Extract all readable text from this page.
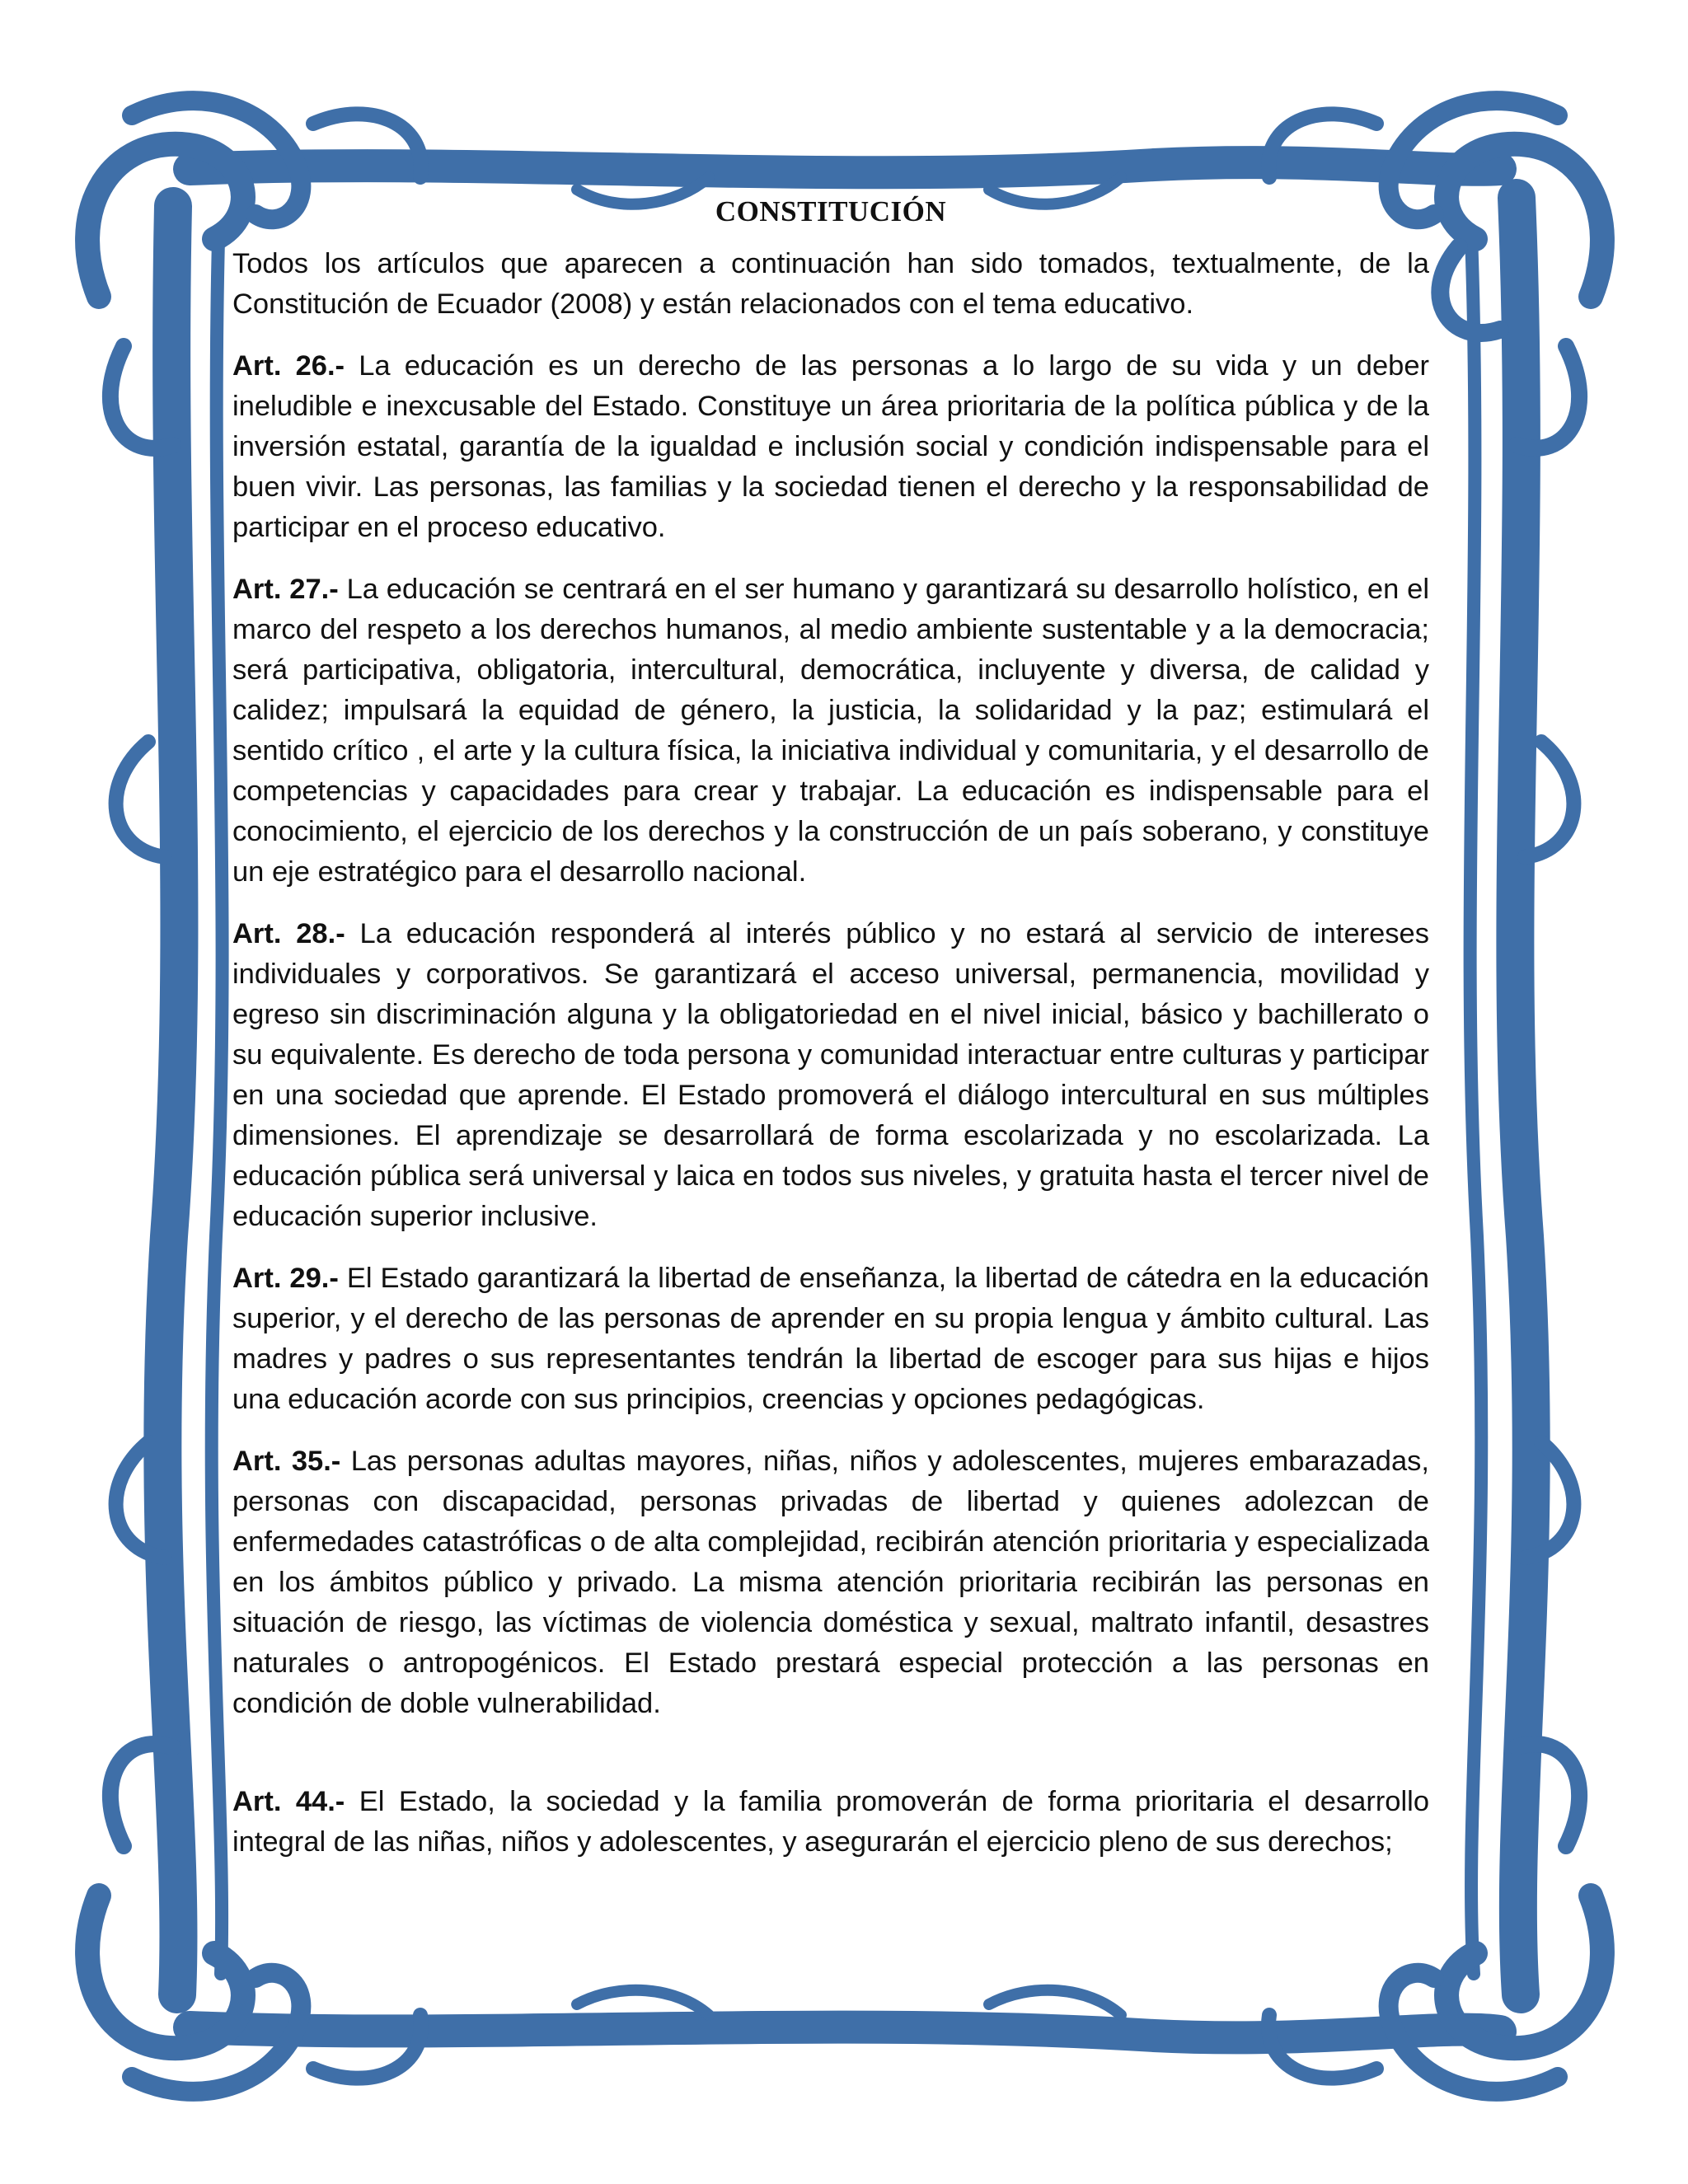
CONSTITUCIÓN

Todos los artículos que aparecen a continuación han sido tomados, textualmente, de la Constitución de Ecuador (2008) y están relacionados con el tema educativo.

Art. 26.- La educación es un derecho de las personas a lo largo de su vida y un deber ineludible e inexcusable del Estado. Constituye un área prioritaria de la política pública y de la inversión estatal, garantía de la igualdad e inclusión social y condición indispensable para el buen vivir. Las personas, las familias y la sociedad tienen el derecho y la responsabilidad de participar en el proceso educativo.

Art. 27.- La educación se centrará en el ser humano y garantizará su desarrollo holístico, en el marco del respeto a los derechos humanos, al medio ambiente sustentable y a la democracia; será participativa, obligatoria, intercultural, democrática, incluyente y diversa, de calidad y calidez; impulsará la equidad de género, la justicia, la solidaridad y la paz; estimulará el sentido crítico , el arte y la cultura física, la iniciativa individual y comunitaria, y el desarrollo de competencias y capacidades para crear y trabajar. La educación es indispensable para el conocimiento, el ejercicio de los derechos y la construcción de un país soberano, y constituye un eje estratégico para el desarrollo nacional.

Art. 28.- La educación responderá al interés público y no estará al servicio de intereses individuales y corporativos. Se garantizará el acceso universal, permanencia, movilidad y egreso sin discriminación alguna y la obligatoriedad en el nivel inicial, básico y bachillerato o su equivalente. Es derecho de toda persona y comunidad interactuar entre culturas y participar en una sociedad que aprende. El Estado promoverá el diálogo intercultural en sus múltiples dimensiones. El aprendizaje se desarrollará de forma escolarizada y no escolarizada. La educación pública será universal y laica en todos sus niveles, y gratuita hasta el tercer nivel de educación superior inclusive.

Art. 29.- El Estado garantizará la libertad de enseñanza, la libertad de cátedra en la educación superior, y el derecho de las personas de aprender en su propia lengua y ámbito cultural. Las madres y padres o sus representantes tendrán la libertad de escoger para sus hijas e hijos una educación acorde con sus principios, creencias y opciones pedagógicas.

Art. 35.- Las personas adultas mayores, niñas, niños y adolescentes, mujeres embarazadas, personas con discapacidad, personas privadas de libertad y quienes adolezcan de enfermedades catastróficas o de alta complejidad, recibirán atención prioritaria y especializada en los ámbitos público y privado. La misma atención prioritaria recibirán las personas en situación de riesgo, las víctimas de violencia doméstica y sexual, maltrato infantil, desastres naturales o antropogénicos. El Estado prestará especial protección a las personas en condición de doble vulnerabilidad.

Art. 44.- El Estado, la sociedad y la familia promoverán de forma prioritaria el desarrollo integral de las niñas, niños y adolescentes, y asegurarán el ejercicio pleno de sus derechos;
